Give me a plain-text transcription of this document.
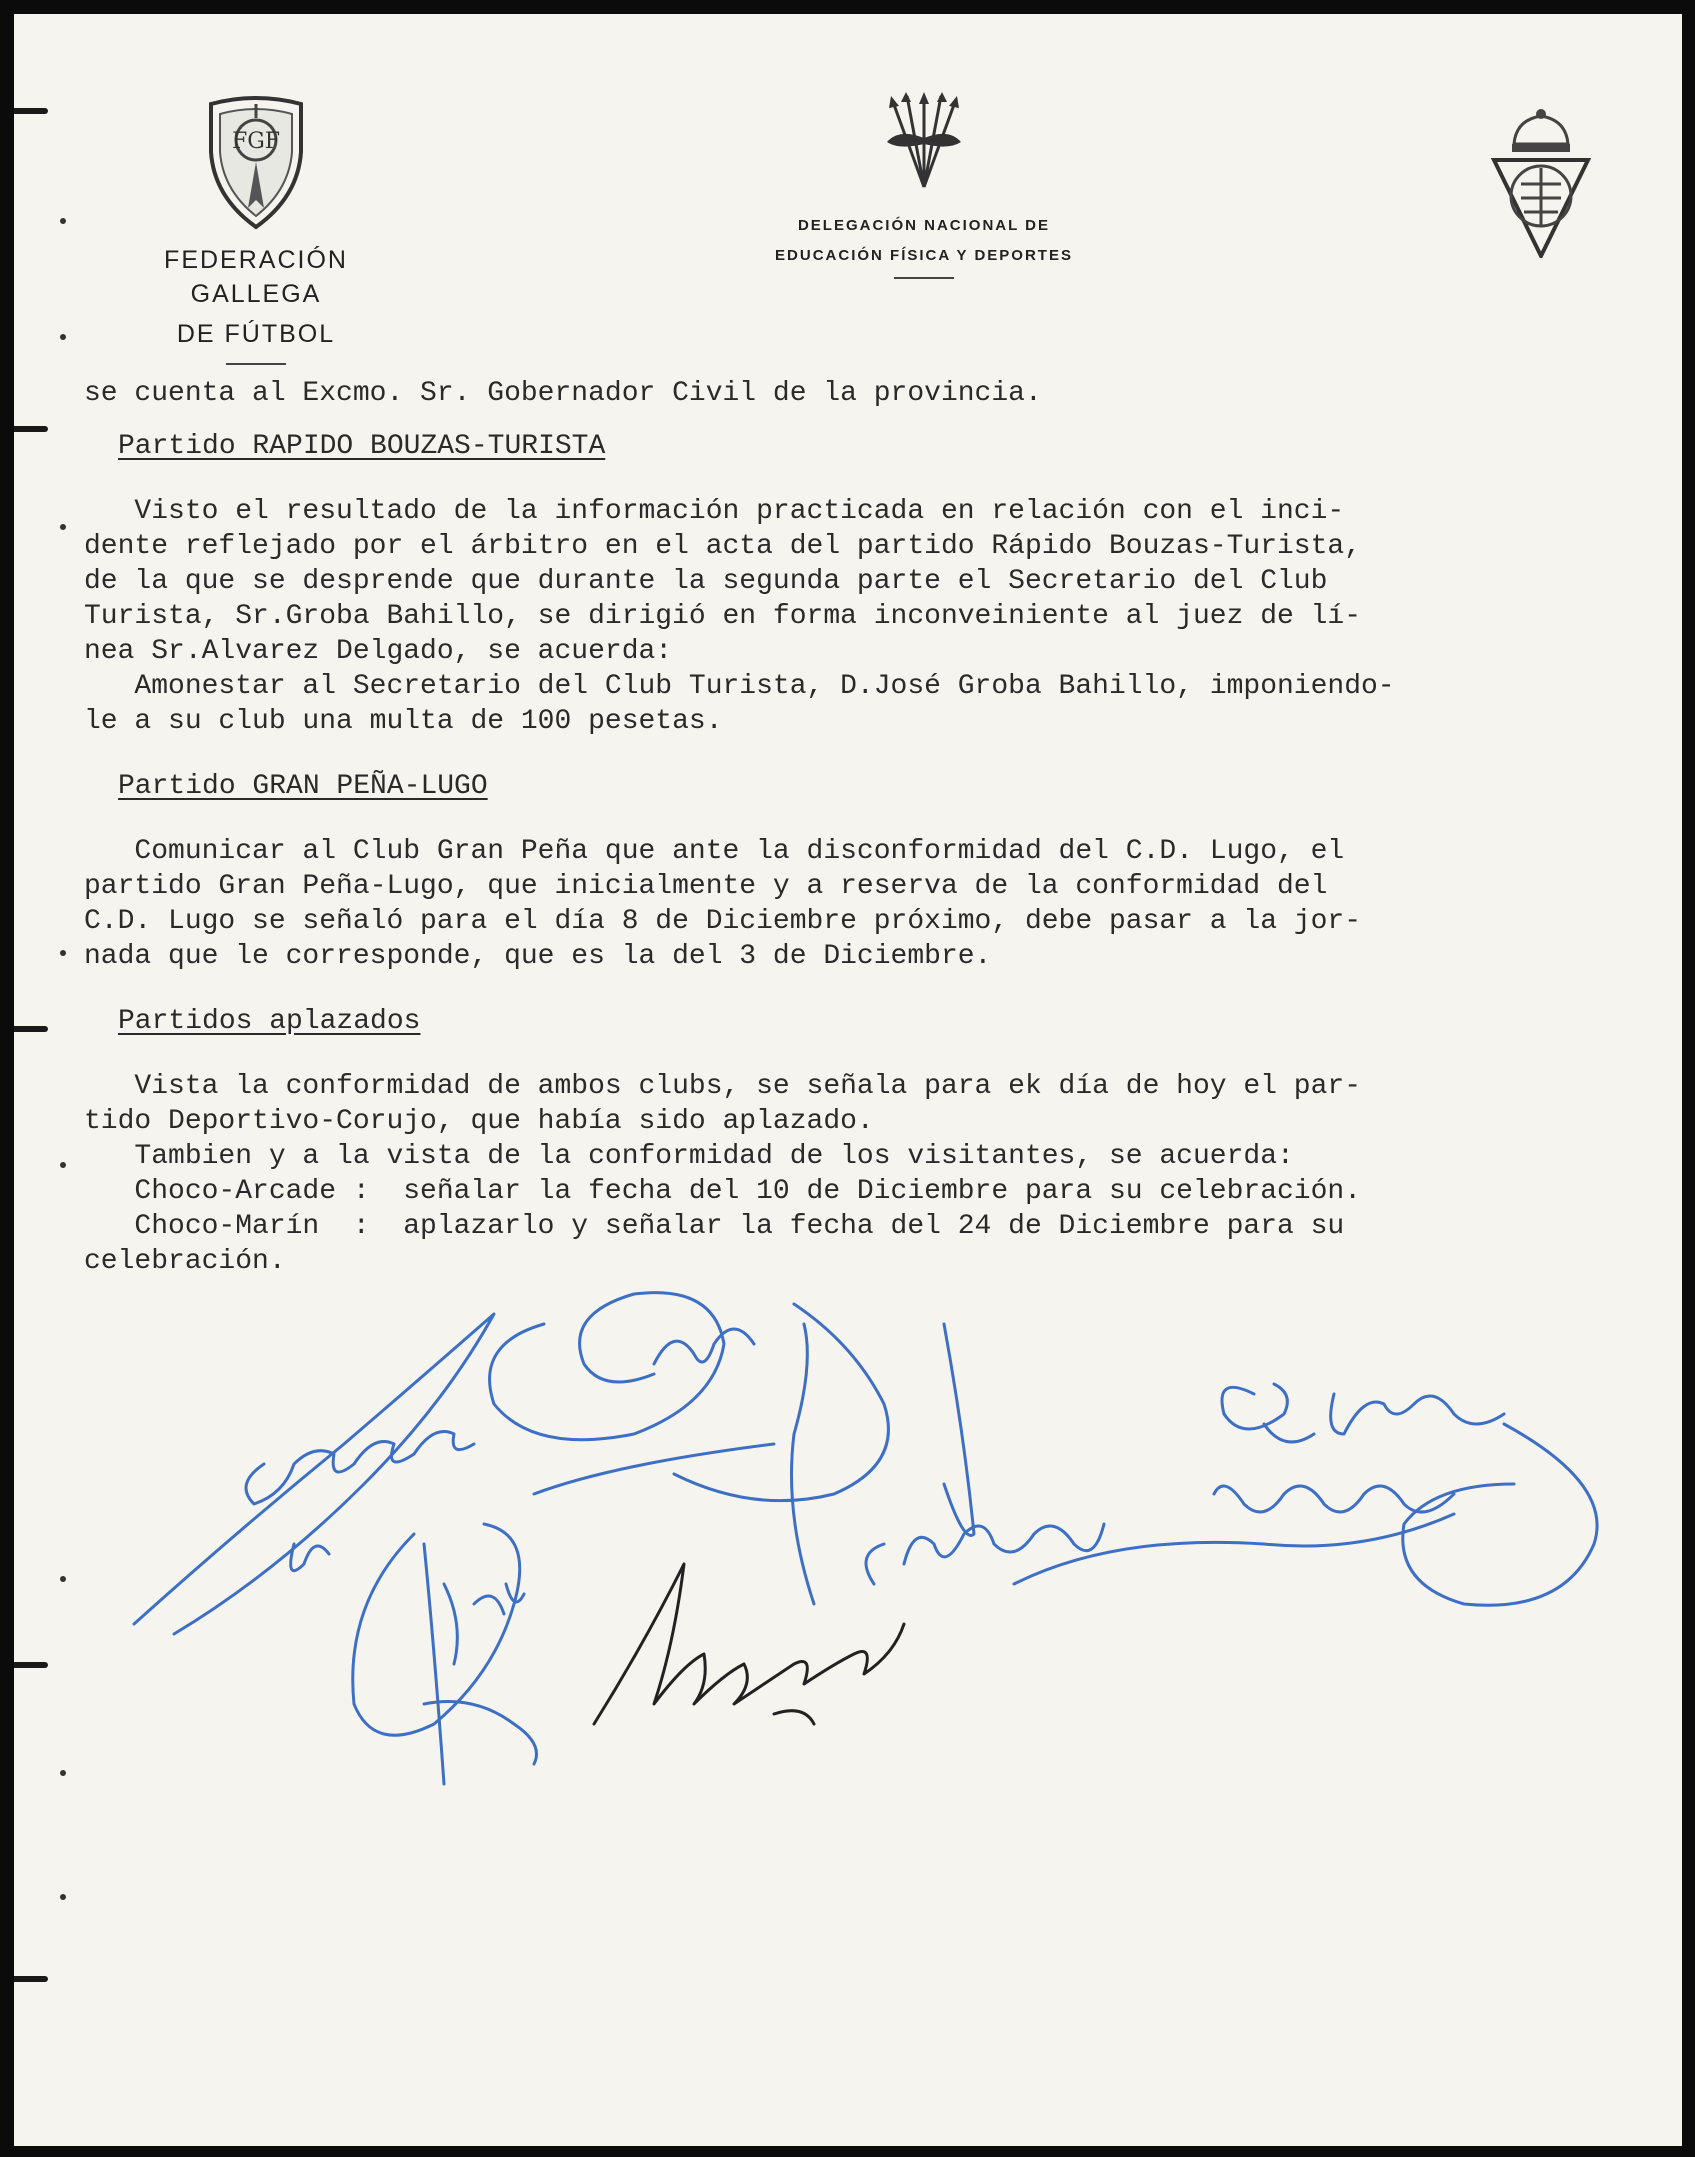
FGF
FEDERACIÓN GALLEGA
DE FÚTBOL
DELEGACIÓN NACIONAL DE
EDUCACIÓN FÍSICA Y DEPORTES

se cuenta al Excmo. Sr. Gobernador Civil de la provincia.

Partido RAPIDO BOUZAS-TURISTA

Visto el resultado de la información practicada en relación con el inci-

dente reflejado por el árbitro en el acta del partido Rápido Bouzas-Turista,

de la que se desprende que durante la segunda parte el Secretario del Club

Turista, Sr.Groba Bahillo, se dirigió en forma inconveiniente al juez de lí-

nea Sr.Alvarez Delgado, se acuerda:

Amonestar al Secretario del Club Turista, D.José Groba Bahillo, imponiendo-

le a su club una multa de 100 pesetas.

Partido GRAN PEÑA-LUGO

Comunicar al Club Gran Peña que ante la disconformidad del C.D. Lugo, el

partido Gran Peña-Lugo, que inicialmente y a reserva de la conformidad del

C.D. Lugo se señaló para el día 8 de Diciembre próximo, debe pasar a la jor-

nada que le corresponde, que es la del 3 de Diciembre.

Partidos aplazados

Vista la conformidad de ambos clubs, se señala para ek día de hoy el par-

tido Deportivo-Corujo, que había sido aplazado.

Tambien y a la vista de la conformidad de los visitantes, se acuerda:

Choco-Arcade :  señalar la fecha del 10 de Diciembre para su celebración.

Choco-Marín  :  aplazarlo y señalar la fecha del 24 de Diciembre para su

celebración.
